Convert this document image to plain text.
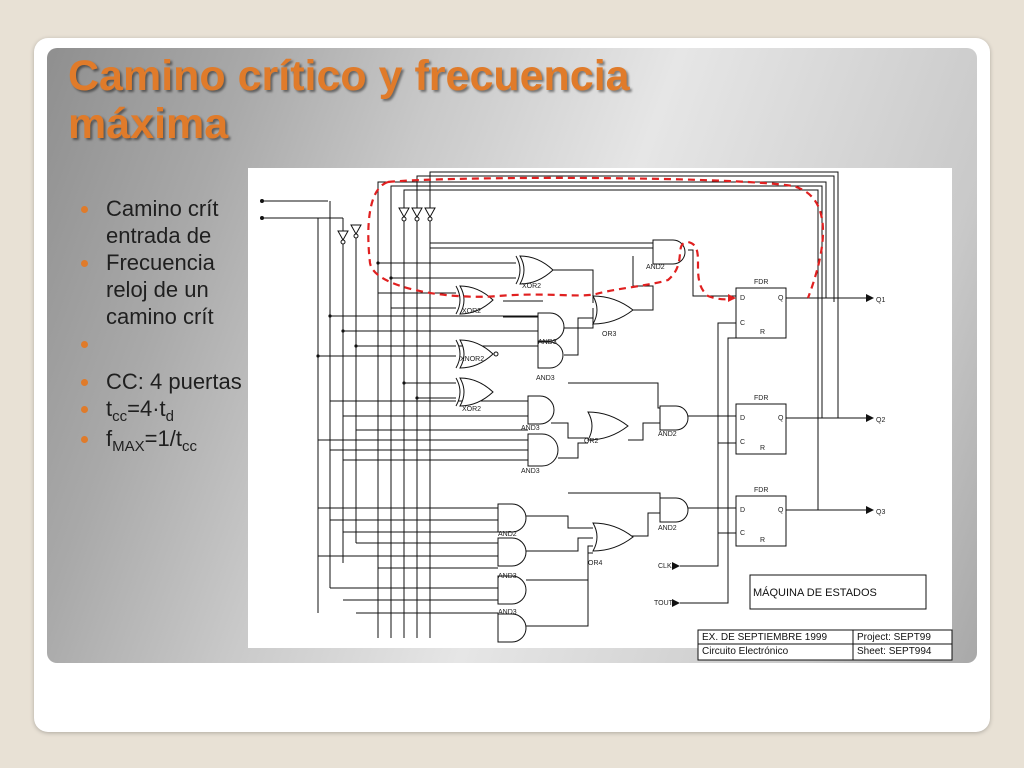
Camino crítico y frecuencia máxima
Camino crít
entrada de
Frecuencia
reloj de un
camino crít
CC: 4 puertas
$t_{cc}=4\cdot t_d$
$f_{MAX}=1/t_{cc}$
XOR2
XOR2
XNOR2
XOR2
OR3
AND3
AND3
AND3
AND3
OR2
AND2
AND2
AND2
AND2
AND3
AND3
OR4
FDR
FDR
FDR
D	Q
C
R
D	Q
C
R
D	Q
C
R
Q1
Q2
Q3
CLK
TOUT
MÁQUINA DE ESTADOS
EX. DE SEPTIEMBRE 1999	Project: SEPT99
Circuito Electrónico	Sheet: SEPT994
